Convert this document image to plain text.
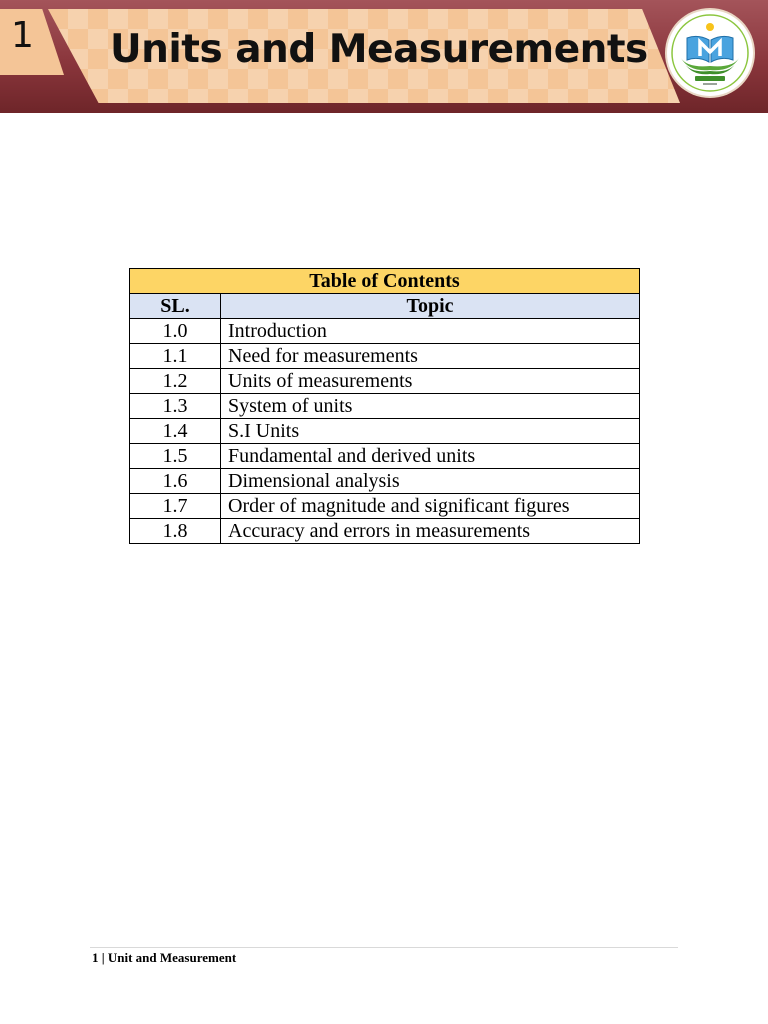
1 Units and Measurements
Table of Contents	
SL.	Topic
1.0	Introduction
1.1	Need for measurements
1.2	Units of measurements
1.3	System of units
1.4	S.I Units
1.5	Fundamental and derived units
1.6	Dimensional analysis
1.7	Order of magnitude and significant figures
1.8	Accuracy and errors in measurements
1 | Unit and Measurement
